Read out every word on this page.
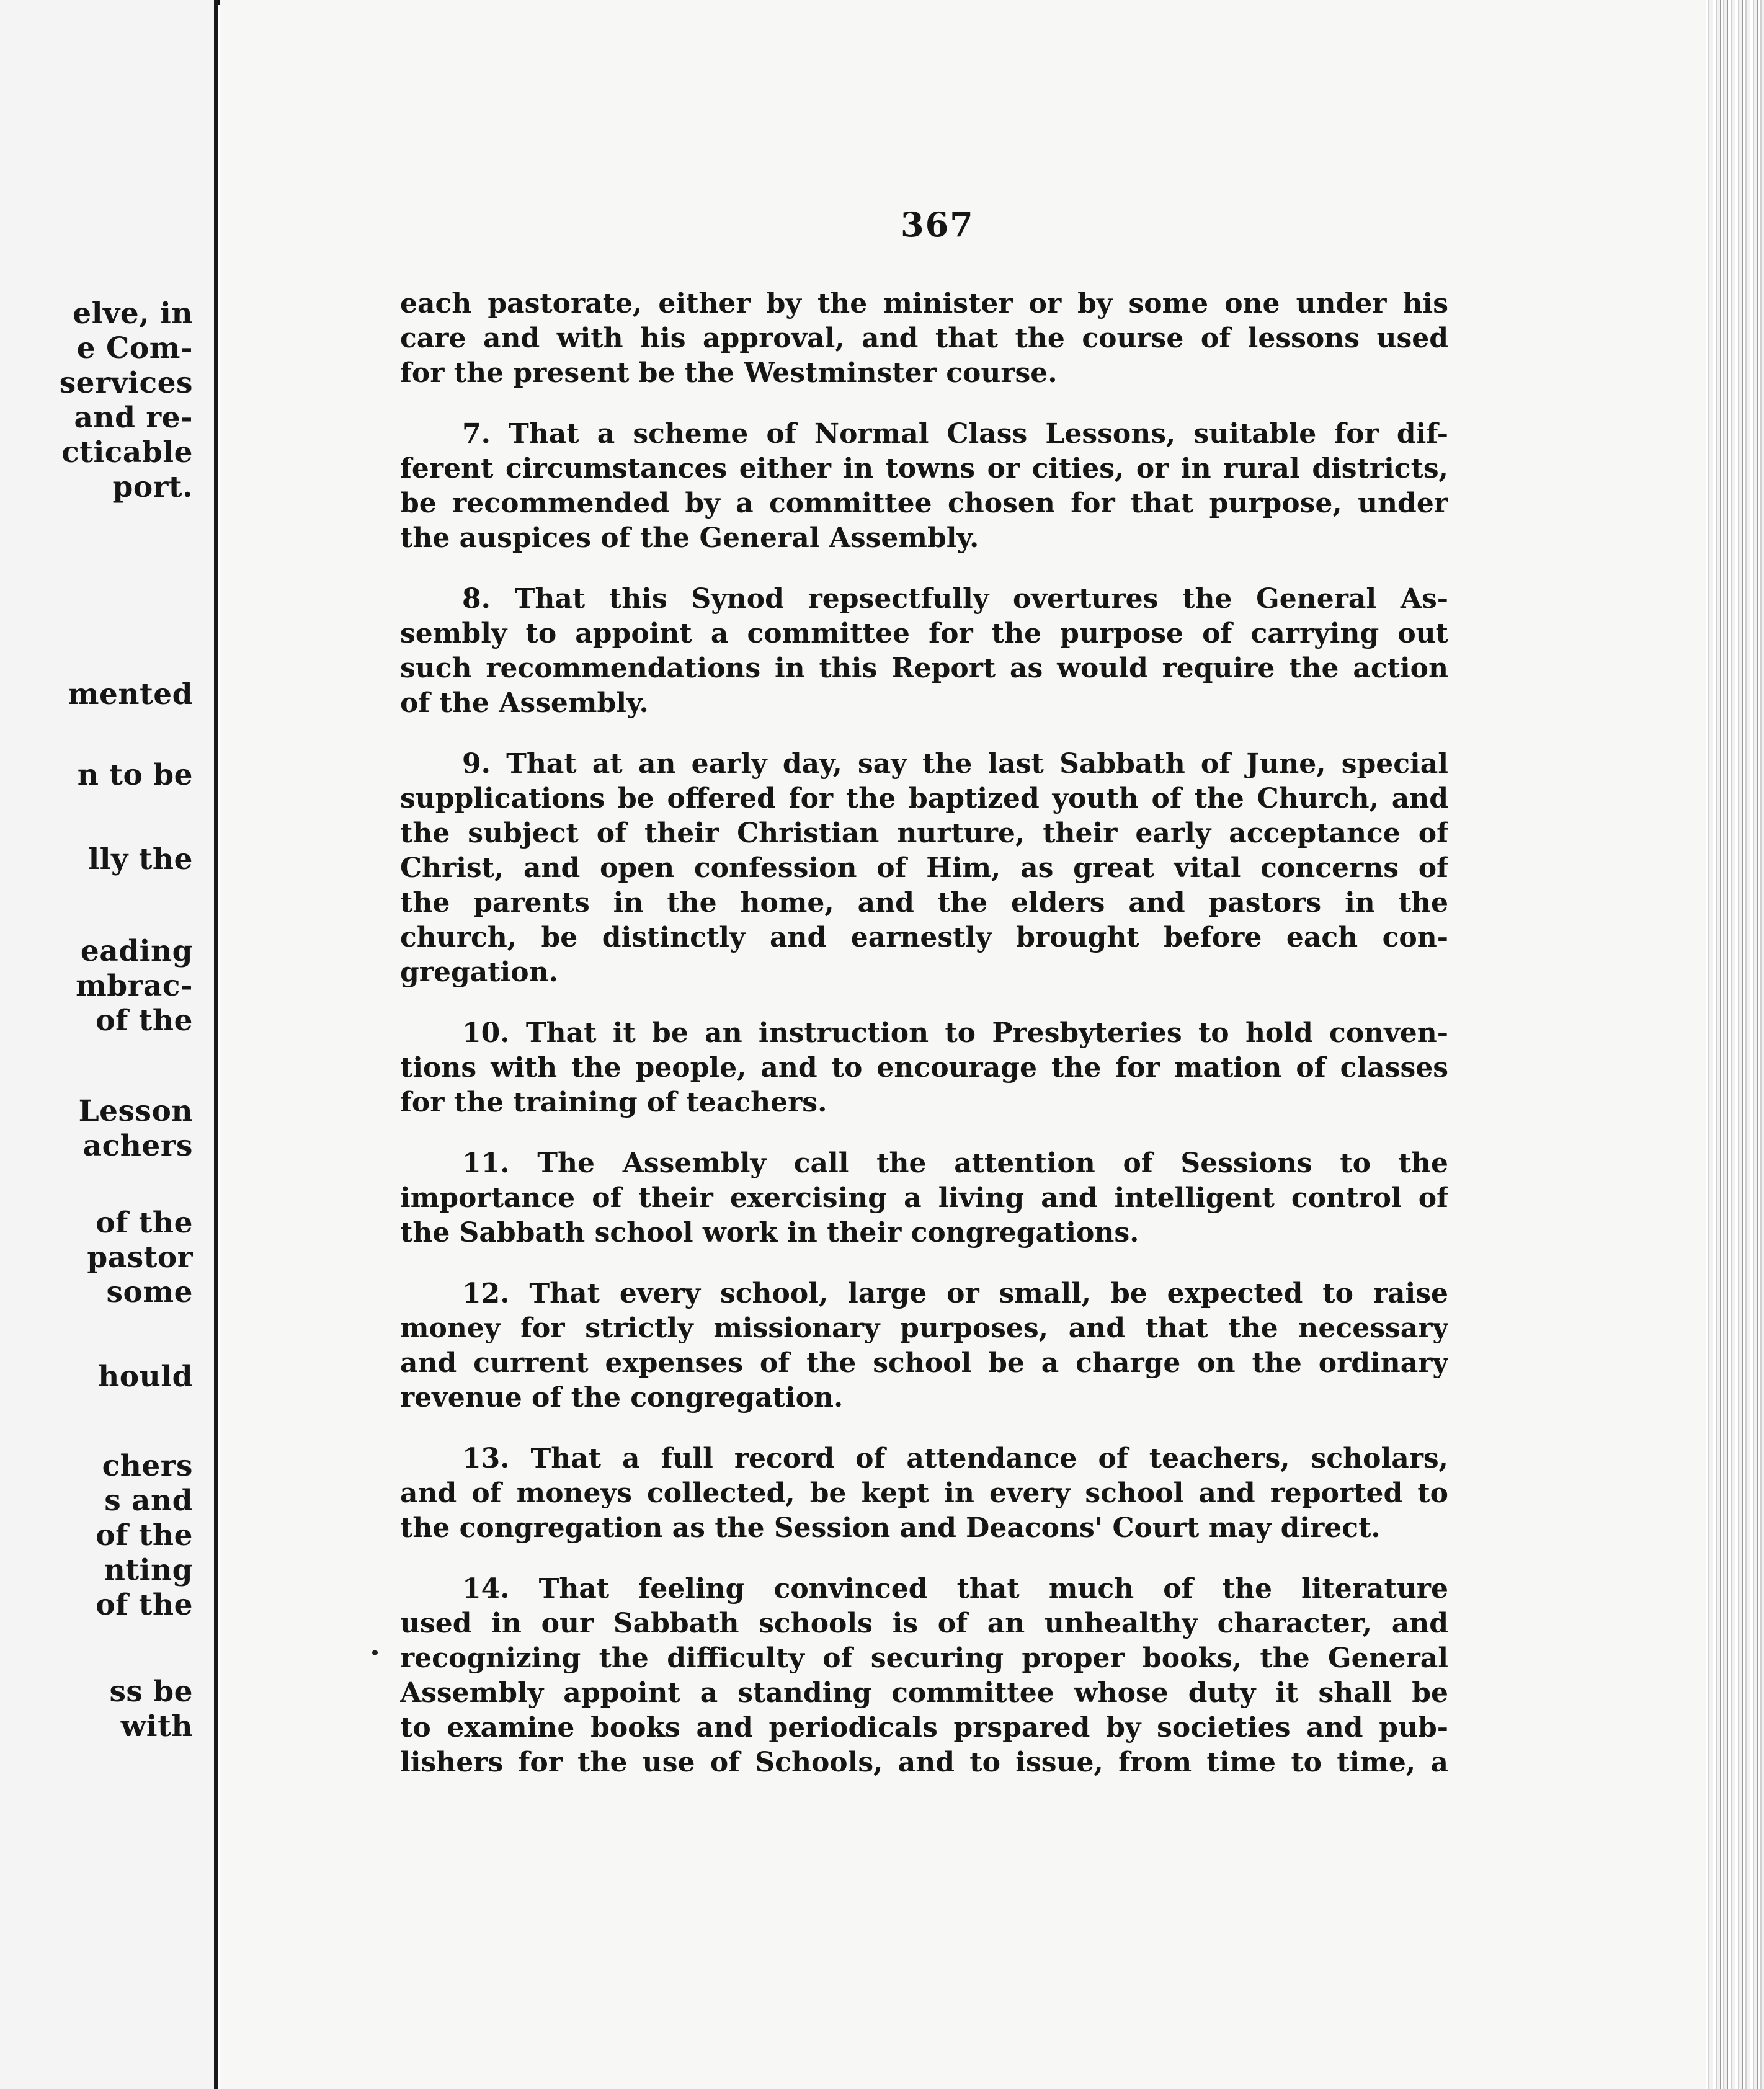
elve, in

e Com-

services

and re-

cticable

port.

mented

n to be

lly the

eading

mbrac-

of the

Lesson

achers

of the

pastor

some

hould

chers

s and

of the

nting

of the

ss be

with

367

each pastorate, either by the minister or by some one under his
care and with his approval, and that the course of lessons used
for the present be the Westminster course.
7. That a scheme of Normal Class Lessons, suitable for dif-
ferent circumstances either in towns or cities, or in rural districts,
be recommended by a committee chosen for that purpose, under
the auspices of the General Assembly.
8. That this Synod repsectfully overtures the General As-
sembly to appoint a committee for the purpose of carrying out
such recommendations in this Report as would require the action
of the Assembly.
9. That at an early day, say the last Sabbath of June, special
supplications be offered for the baptized youth of the Church, and
the subject of their Christian nurture, their early acceptance of
Christ, and open confession of Him, as great vital concerns of
the parents in the home, and the elders and pastors in the
church, be distinctly and earnestly brought before each con-
gregation.
10. That it be an instruction to Presbyteries to hold conven-
tions with the people, and to encourage the for mation of classes
for the training of teachers.
11. The Assembly call the attention of Sessions to the
importance of their exercising a living and intelligent control of
the Sabbath school work in their congregations.
12. That every school, large or small, be expected to raise
money for strictly missionary purposes, and that the necessary
and current expenses of the school be a charge on the ordinary
revenue of the congregation.
13. That a full record of attendance of teachers, scholars,
and of moneys collected, be kept in every school and reported to
the congregation as the Session and Deacons' Court may direct.
14. That feeling convinced that much of the literature
used in our Sabbath schools is of an unhealthy character, and
recognizing the difficulty of securing proper books, the General
Assembly appoint a standing committee whose duty it shall be
to examine books and periodicals prspared by societies and pub-
lishers for the use of Schools, and to issue, from time to time, a
